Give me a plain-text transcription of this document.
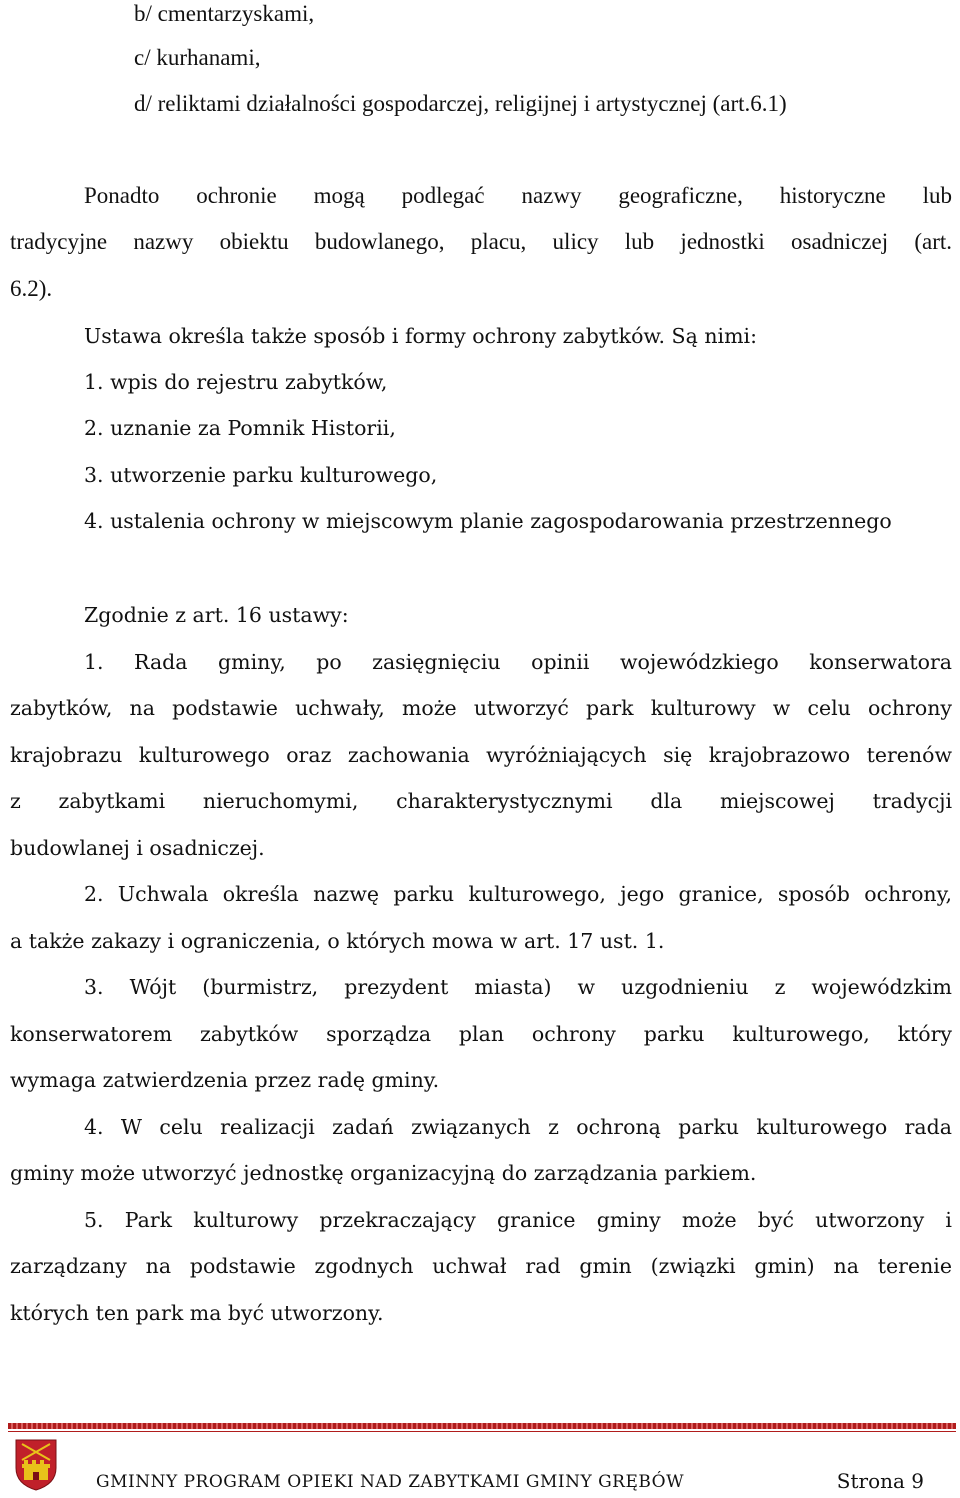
b/ cmentarzyskami,
c/ kurhanami,
d/ reliktami działalności gospodarczej, religijnej i artystycznej (art.6.1)
Ponadto ochronie mogą podlegać nazwy geograficzne, historyczne lub
tradycyjne nazwy obiektu budowlanego, placu, ulicy lub jednostki osadniczej (art.
6.2).
Ustawa określa także sposób i formy ochrony zabytków. Są nimi:
1. wpis do rejestru zabytków,
2. uznanie za Pomnik Historii,
3. utworzenie parku kulturowego,
4. ustalenia ochrony w miejscowym planie zagospodarowania przestrzennego
Zgodnie z art. 16 ustawy:
1. Rada gminy, po zasięgnięciu opinii wojewódzkiego konserwatora
zabytków, na podstawie uchwały, może utworzyć park kulturowy w celu ochrony
krajobrazu kulturowego oraz zachowania wyróżniających się krajobrazowo terenów
z zabytkami nieruchomymi, charakterystycznymi dla miejscowej tradycji
budowlanej i osadniczej.
2. Uchwala określa nazwę parku kulturowego, jego granice, sposób ochrony,
a także zakazy i ograniczenia, o których mowa w art. 17 ust. 1.
3. Wójt (burmistrz, prezydent miasta) w uzgodnieniu z wojewódzkim
konserwatorem zabytków sporządza plan ochrony parku kulturowego, który
wymaga zatwierdzenia przez radę gminy.
4. W celu realizacji zadań związanych z ochroną parku kulturowego rada
gminy może utworzyć jednostkę organizacyjną do zarządzania parkiem.
5. Park kulturowy przekraczający granice gminy może być utworzony i
zarządzany na podstawie zgodnych uchwał rad gmin (związki gmin) na terenie
których ten park ma być utworzony.
GMINNY PROGRAM OPIEKI NAD ZABYTKAMI GMINY GRĘBÓW	Strona 9
